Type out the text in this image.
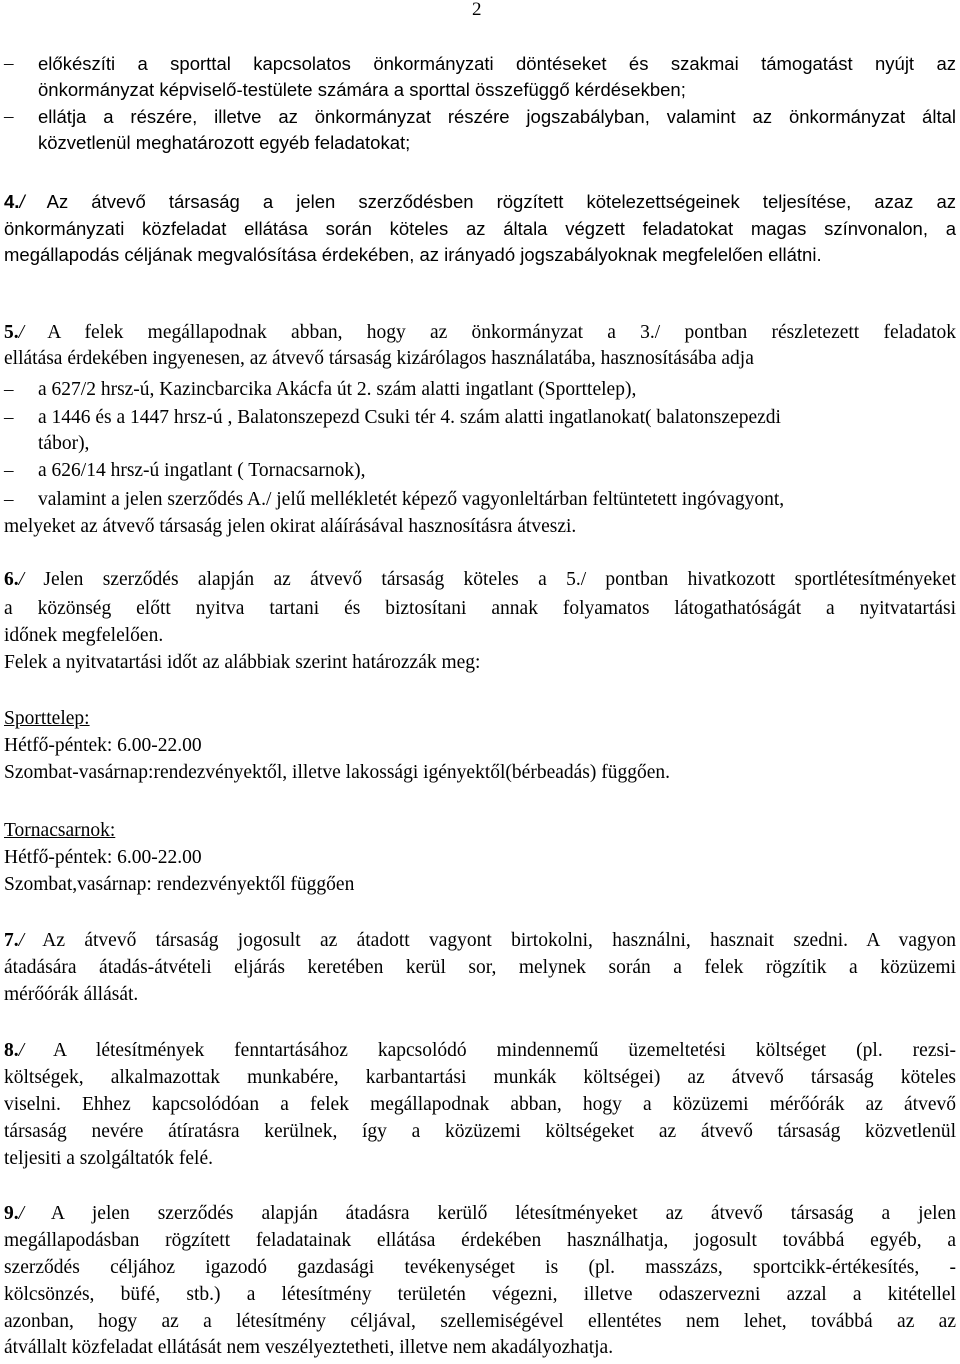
2
– előkészíti a sporttal kapcsolatos önkormányzati döntéseket és szakmai támogatást nyújt az
önkormányzat képviselő-testülete számára a sporttal összefüggő kérdésekben;
– ellátja a részére, illetve az önkormányzat részére jogszabályban, valamint az önkormányzat által
közvetlenül meghatározott egyéb feladatokat;
4./ Az átvevő társaság a jelen szerződésben rögzített kötelezettségeinek teljesítése, azaz az
önkormányzati közfeladat ellátása során köteles az általa végzett feladatokat magas színvonalon, a
megállapodás céljának megvalósítása érdekében, az irányadó jogszabályoknak megfelelően ellátni.
5./ A felek megállapodnak abban, hogy az önkormányzat a 3./ pontban részletezett feladatok
ellátása érdekében ingyenesen, az átvevő társaság kizárólagos használatába, hasznosításába adja
– a 627/2 hrsz-ú, Kazincbarcika Akácfa út 2. szám alatti ingatlant (Sporttelep),
– a 1446 és a 1447 hrsz-ú , Balatonszepezd Csuki tér 4. szám alatti ingatlanokat( balatonszepezdi
tábor),
– a 626/14 hrsz-ú ingatlant ( Tornacsarnok),
– valamint a jelen szerződés A./ jelű mellékletét képező vagyonleltárban feltüntetett ingóvagyont,
melyeket az átvevő társaság jelen okirat aláírásával hasznosításra átveszi.
6./ Jelen szerződés alapján az átvevő társaság köteles a 5./ pontban hivatkozott sportlétesítményeket
a közönség előtt nyitva tartani és biztosítani annak folyamatos látogathatóságát a nyitvatartási
időnek megfelelően.
Felek a nyitvatartási időt az alábbiak szerint határozzák meg:
Sporttelep:
Hétfő-péntek: 6.00-22.00
Szombat-vasárnap:rendezvényektől, illetve lakossági igényektől(bérbeadás) függően.
Tornacsarnok:
Hétfő-péntek: 6.00-22.00
Szombat,vasárnap: rendezvényektől függően
7./ Az átvevő társaság jogosult az átadott vagyont birtokolni, használni, hasznait szedni. A vagyon
átadására átadás-átvételi eljárás keretében kerül sor, melynek során a felek rögzítik a közüzemi
mérőórák állását.
8./ A létesítmények fenntartásához kapcsolódó mindennemű üzemeltetési költséget (pl. rezsi-
költségek, alkalmazottak munkabére, karbantartási munkák költségei) az átvevő társaság köteles
viselni. Ehhez kapcsolódóan a felek megállapodnak abban, hogy a közüzemi mérőórák az átvevő
társaság nevére átíratásra kerülnek, így a közüzemi költségeket az átvevő társaság közvetlenül
teljesiti a szolgáltatók felé.
9./ A jelen szerződés alapján átadásra kerülő létesítményeket az átvevő társaság a jelen
megállapodásban rögzített feladatainak ellátása érdekében használhatja, jogosult továbbá egyéb, a
szerződés céljához igazodó gazdasági tevékenységet is (pl. masszázs, sportcikk-értékesítés, -
kölcsönzés, büfé, stb.) a létesítmény területén végezni, illetve odaszervezni azzal a kitétellel
azonban, hogy az a létesítmény céljával, szellemiségével ellentétes nem lehet, továbbá az az
átvállalt közfeladat ellátását nem veszélyeztetheti, illetve nem akadályozhatja.
